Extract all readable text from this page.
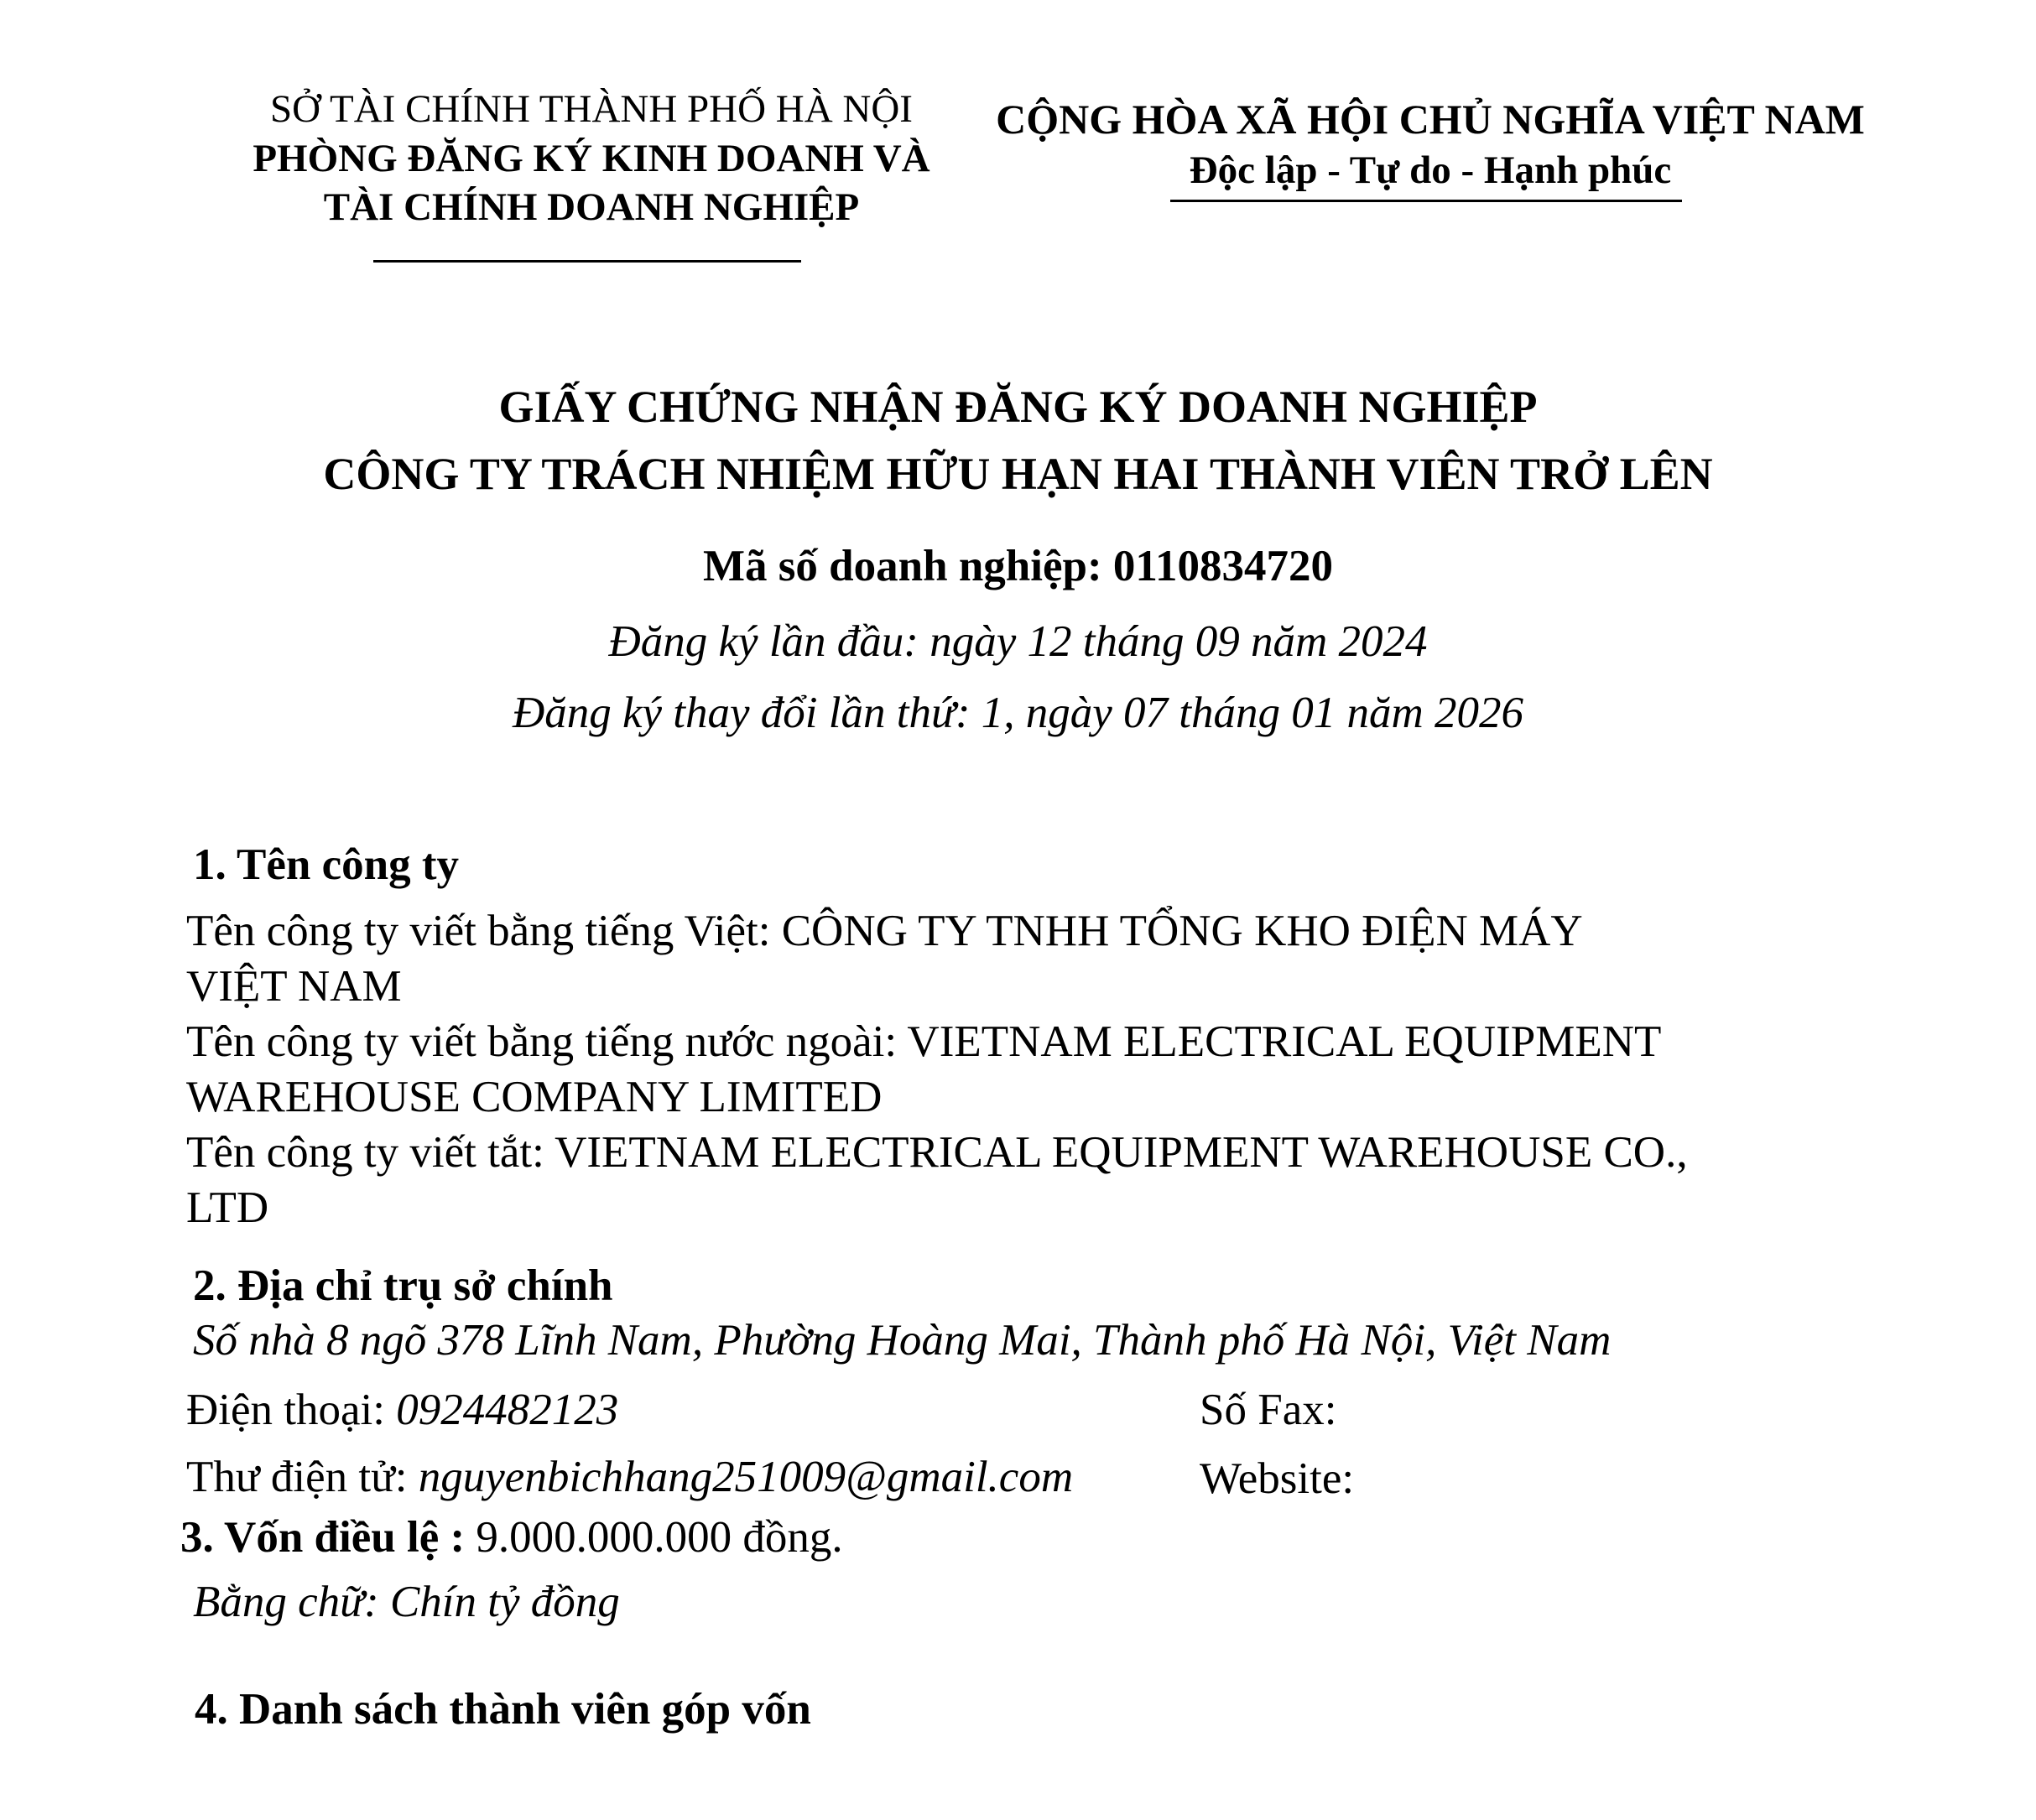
SỞ TÀI CHÍNH THÀNH PHỐ HÀ NỘI
PHÒNG ĐĂNG KÝ KINH DOANH VÀ
TÀI CHÍNH DOANH NGHIỆP
CỘNG HÒA XÃ HỘI CHỦ NGHĨA VIỆT NAM
Độc lập - Tự do - Hạnh phúc
GIẤY CHỨNG NHẬN ĐĂNG KÝ DOANH NGHIỆP
CÔNG TY TRÁCH NHIỆM HỮU HẠN HAI THÀNH VIÊN TRỞ LÊN
Mã số doanh nghiệp: 0110834720
Đăng ký lần đầu: ngày 12 tháng 09 năm 2024
Đăng ký thay đổi lần thứ: 1, ngày 07 tháng 01 năm 2026
1. Tên công ty
Tên công ty viết bằng tiếng Việt: CÔNG TY TNHH TỔNG KHO ĐIỆN MÁY
VIỆT NAM
Tên công ty viết bằng tiếng nước ngoài: VIETNAM ELECTRICAL EQUIPMENT
WAREHOUSE COMPANY LIMITED
Tên công ty viết tắt: VIETNAM ELECTRICAL EQUIPMENT WAREHOUSE CO.,
LTD
2. Địa chỉ trụ sở chính
Số nhà 8 ngõ 378 Lĩnh Nam, Phường Hoàng Mai, Thành phố Hà Nội, Việt Nam
Điện thoại: 0924482123	Số Fax:
Thư điện tử: nguyenbichhang251009@gmail.com	Website:
3. Vốn điều lệ : 9.000.000.000 đồng.
Bằng chữ: Chín tỷ đồng
4. Danh sách thành viên góp vốn
